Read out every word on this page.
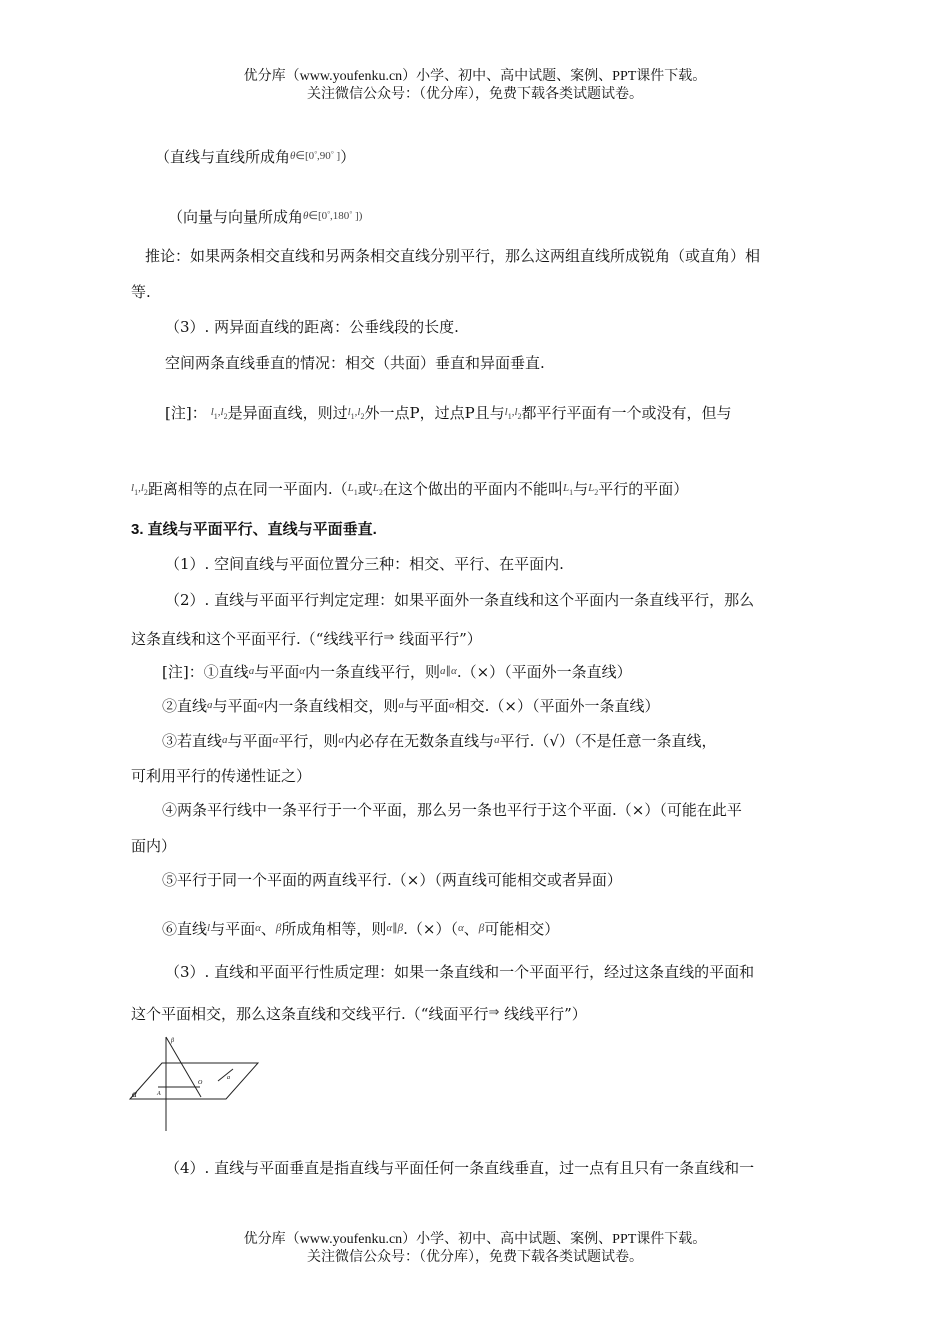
优分库（www.youfenku.cn）小学、初中、高中试题、案例、PPT课件下载。
关注微信公众号：（优分库），免费下载各类试题试卷。
（直线与直线所成角$^{\theta\in[0^\circ,90^\circ}$ ]）
（向量与向量所成角$^{\theta\in[0^\circ,180^\circ}$ ])
推论：如果两条相交直线和另两条相交直线分别平行，那么这两组直线所成锐角（或直角）相
等.
（3）. 两异面直线的距离：公垂线段的长度.
空间两条直线垂直的情况：相交（共面）垂直和异面垂直.
[注]： $^l1^{,l}2$是异面直线，则过$^l1^{,l}2$外一点P，过点P且与$^l1^{,l}2$都平行平面有一个或没有，但与
$^l1^{,l}2$距离相等的点在同一平面内.（$^L$1或$^L$2在这个做出的平面内不能叫$^L$1与$^L$2平行的平面）
3. 直线与平面平行、直线与平面垂直.
（1）. 空间直线与平面位置分三种：相交、平行、在平面内.
（2）. 直线与平面平行判定定理：如果平面外一条直线和这个平面内一条直线平行，那么
这条直线和这个平面平行.（“线线平行⇒ 线面平行”）
[注]：①直线$^a$与平面$^\alpha$内一条直线平行，则$^{a\parallel\alpha}$.（×）（平面外一条直线）
②直线$^a$与平面$^\alpha$内一条直线相交，则$^a$与平面$^\alpha$相交.（×）（平面外一条直线）
③若直线$^a$与平面$^\alpha$平行，则$^\alpha$内必存在无数条直线与$^a$平行.（√）（不是任意一条直线，
可利用平行的传递性证之）
④两条平行线中一条平行于一个平面，那么另一条也平行于这个平面.（×）（可能在此平
面内）
⑤平行于同一个平面的两直线平行.（×）（两直线可能相交或者异面）
⑥直线$^l$与平面$^\alpha$、$^\beta$所成角相等，则$^{\alpha\parallel\beta}$.（×）（$^\alpha$、$^\beta$可能相交）
（3）. 直线和平面平行性质定理：如果一条直线和一个平面平行，经过这条直线的平面和
这个平面相交，那么这条直线和交线平行.（“线面平行⇒ 线线平行”）
α
β
A
O
a
（4）. 直线与平面垂直是指直线与平面任何一条直线垂直，过一点有且只有一条直线和一
优分库（www.youfenku.cn）小学、初中、高中试题、案例、PPT课件下载。
关注微信公众号：（优分库），免费下载各类试题试卷。
